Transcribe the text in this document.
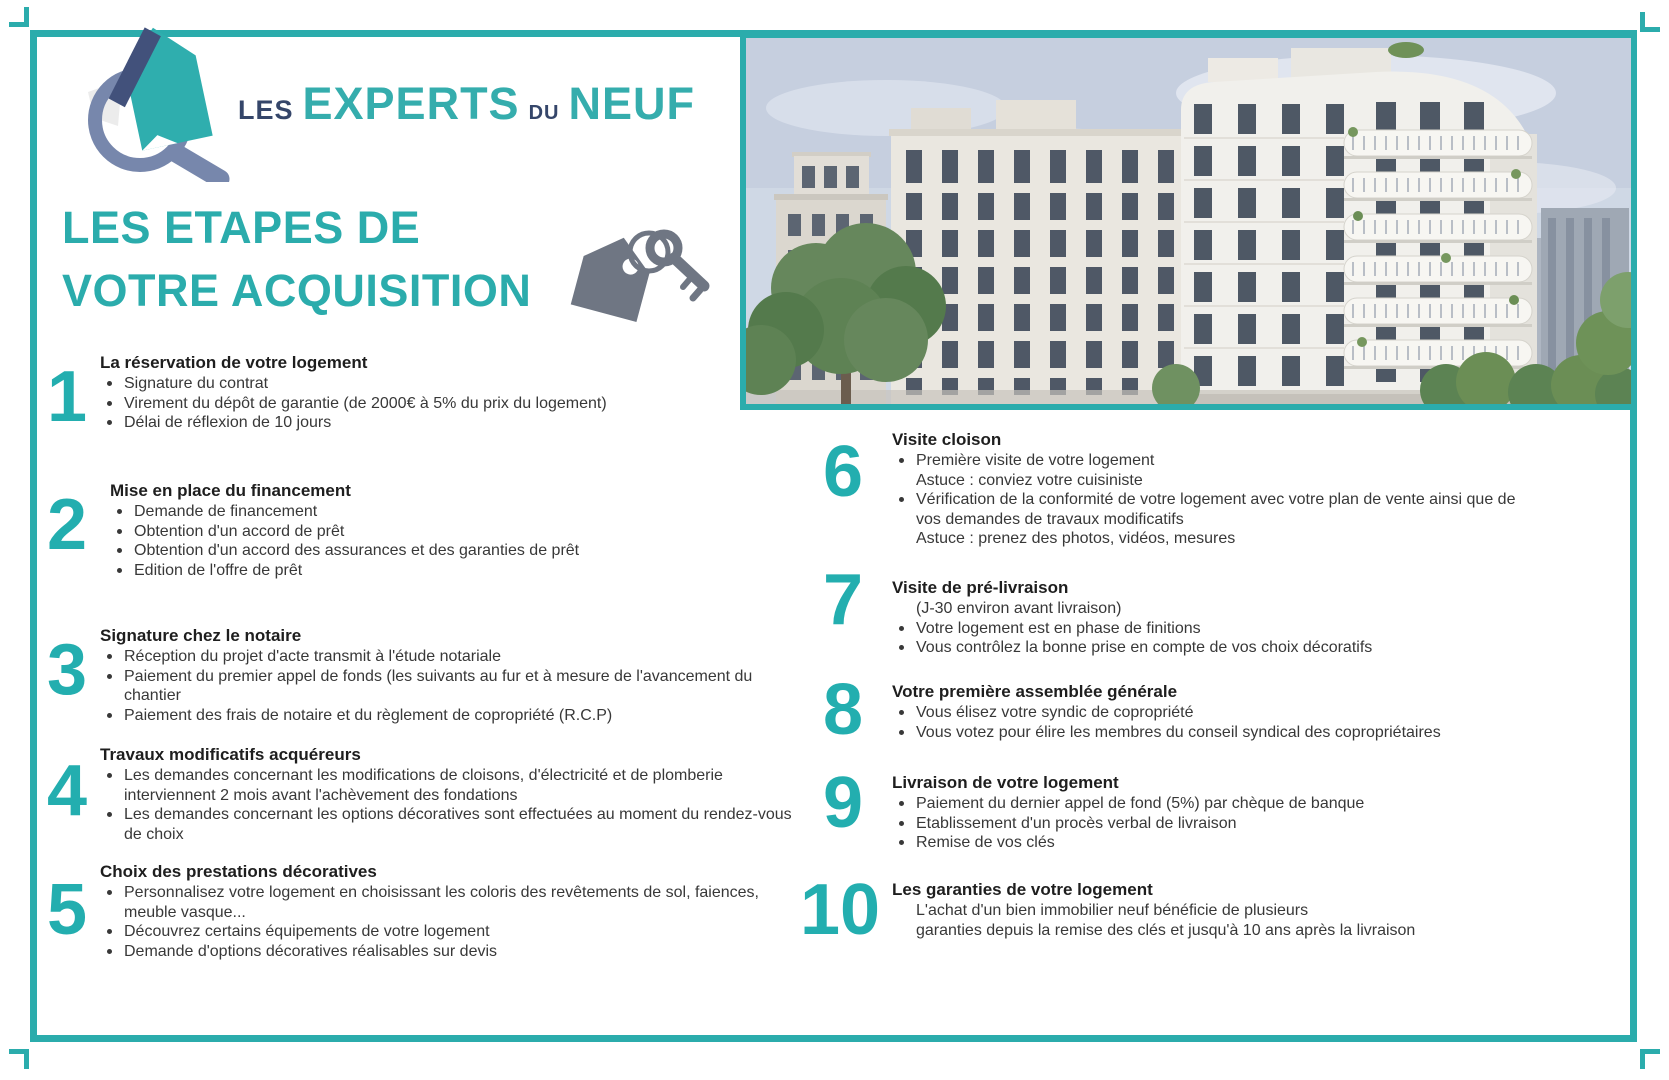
LES EXPERTS DU NEUF
LES ETAPES DE
VOTRE ACQUISITION
1 La réservation de votre logement
Signature du contrat
Virement du dépôt de garantie (de 2000€ à 5% du prix du logement)
Délai de réflexion de 10 jours
2	Mise en place du financement
Demande de financement
Obtention d'un accord de prêt
Obtention d'un accord des assurances et des garanties de prêt
Edition de l'offre de prêt
3 Signature chez le notaire
Réception du projet d'acte transmit à l'étude notariale
Paiement du premier appel de fonds (les suivants au fur et à mesure de l'avancement du chantier
Paiement des frais de notaire et du règlement de copropriété (R.C.P)
4 Travaux modificatifs acquéreurs
Les demandes concernant les modifications de cloisons, d'électricité et de plomberie interviennent 2 mois avant l'achèvement des fondations
Les demandes concernant les options décoratives sont effectuées au moment du rendez-vous de choix
5 Choix des prestations décoratives
Personnalisez votre logement en choisissant les coloris des revêtements de sol, faiences, meuble vasque...
Découvrez certains équipements de votre logement
Demande d'options décoratives réalisables sur devis
6	Visite cloison
Première visite de votre logement
Astuce : conviez votre cuisiniste
Vérification de la conformité de votre logement avec votre plan de vente ainsi que de vos demandes de travaux modificatifs
Astuce : prenez des photos, vidéos, mesures
7	Visite de pré-livraison
(J-30 environ avant livraison)
Votre logement est en phase de finitions
Vous contrôlez la bonne prise en compte de vos choix décoratifs
8	Votre première assemblée générale
Vous élisez votre syndic de copropriété
Vous votez pour élire les membres du conseil syndical des copropriétaires
9	Livraison de votre logement
Paiement du dernier appel de fond (5%) par chèque de banque
Etablissement d'un procès verbal de livraison
Remise de vos clés
10 Les garanties de votre logement
L'achat d'un bien immobilier neuf bénéficie de plusieurs
garanties depuis la remise des clés et jusqu'à 10 ans après la livraison
